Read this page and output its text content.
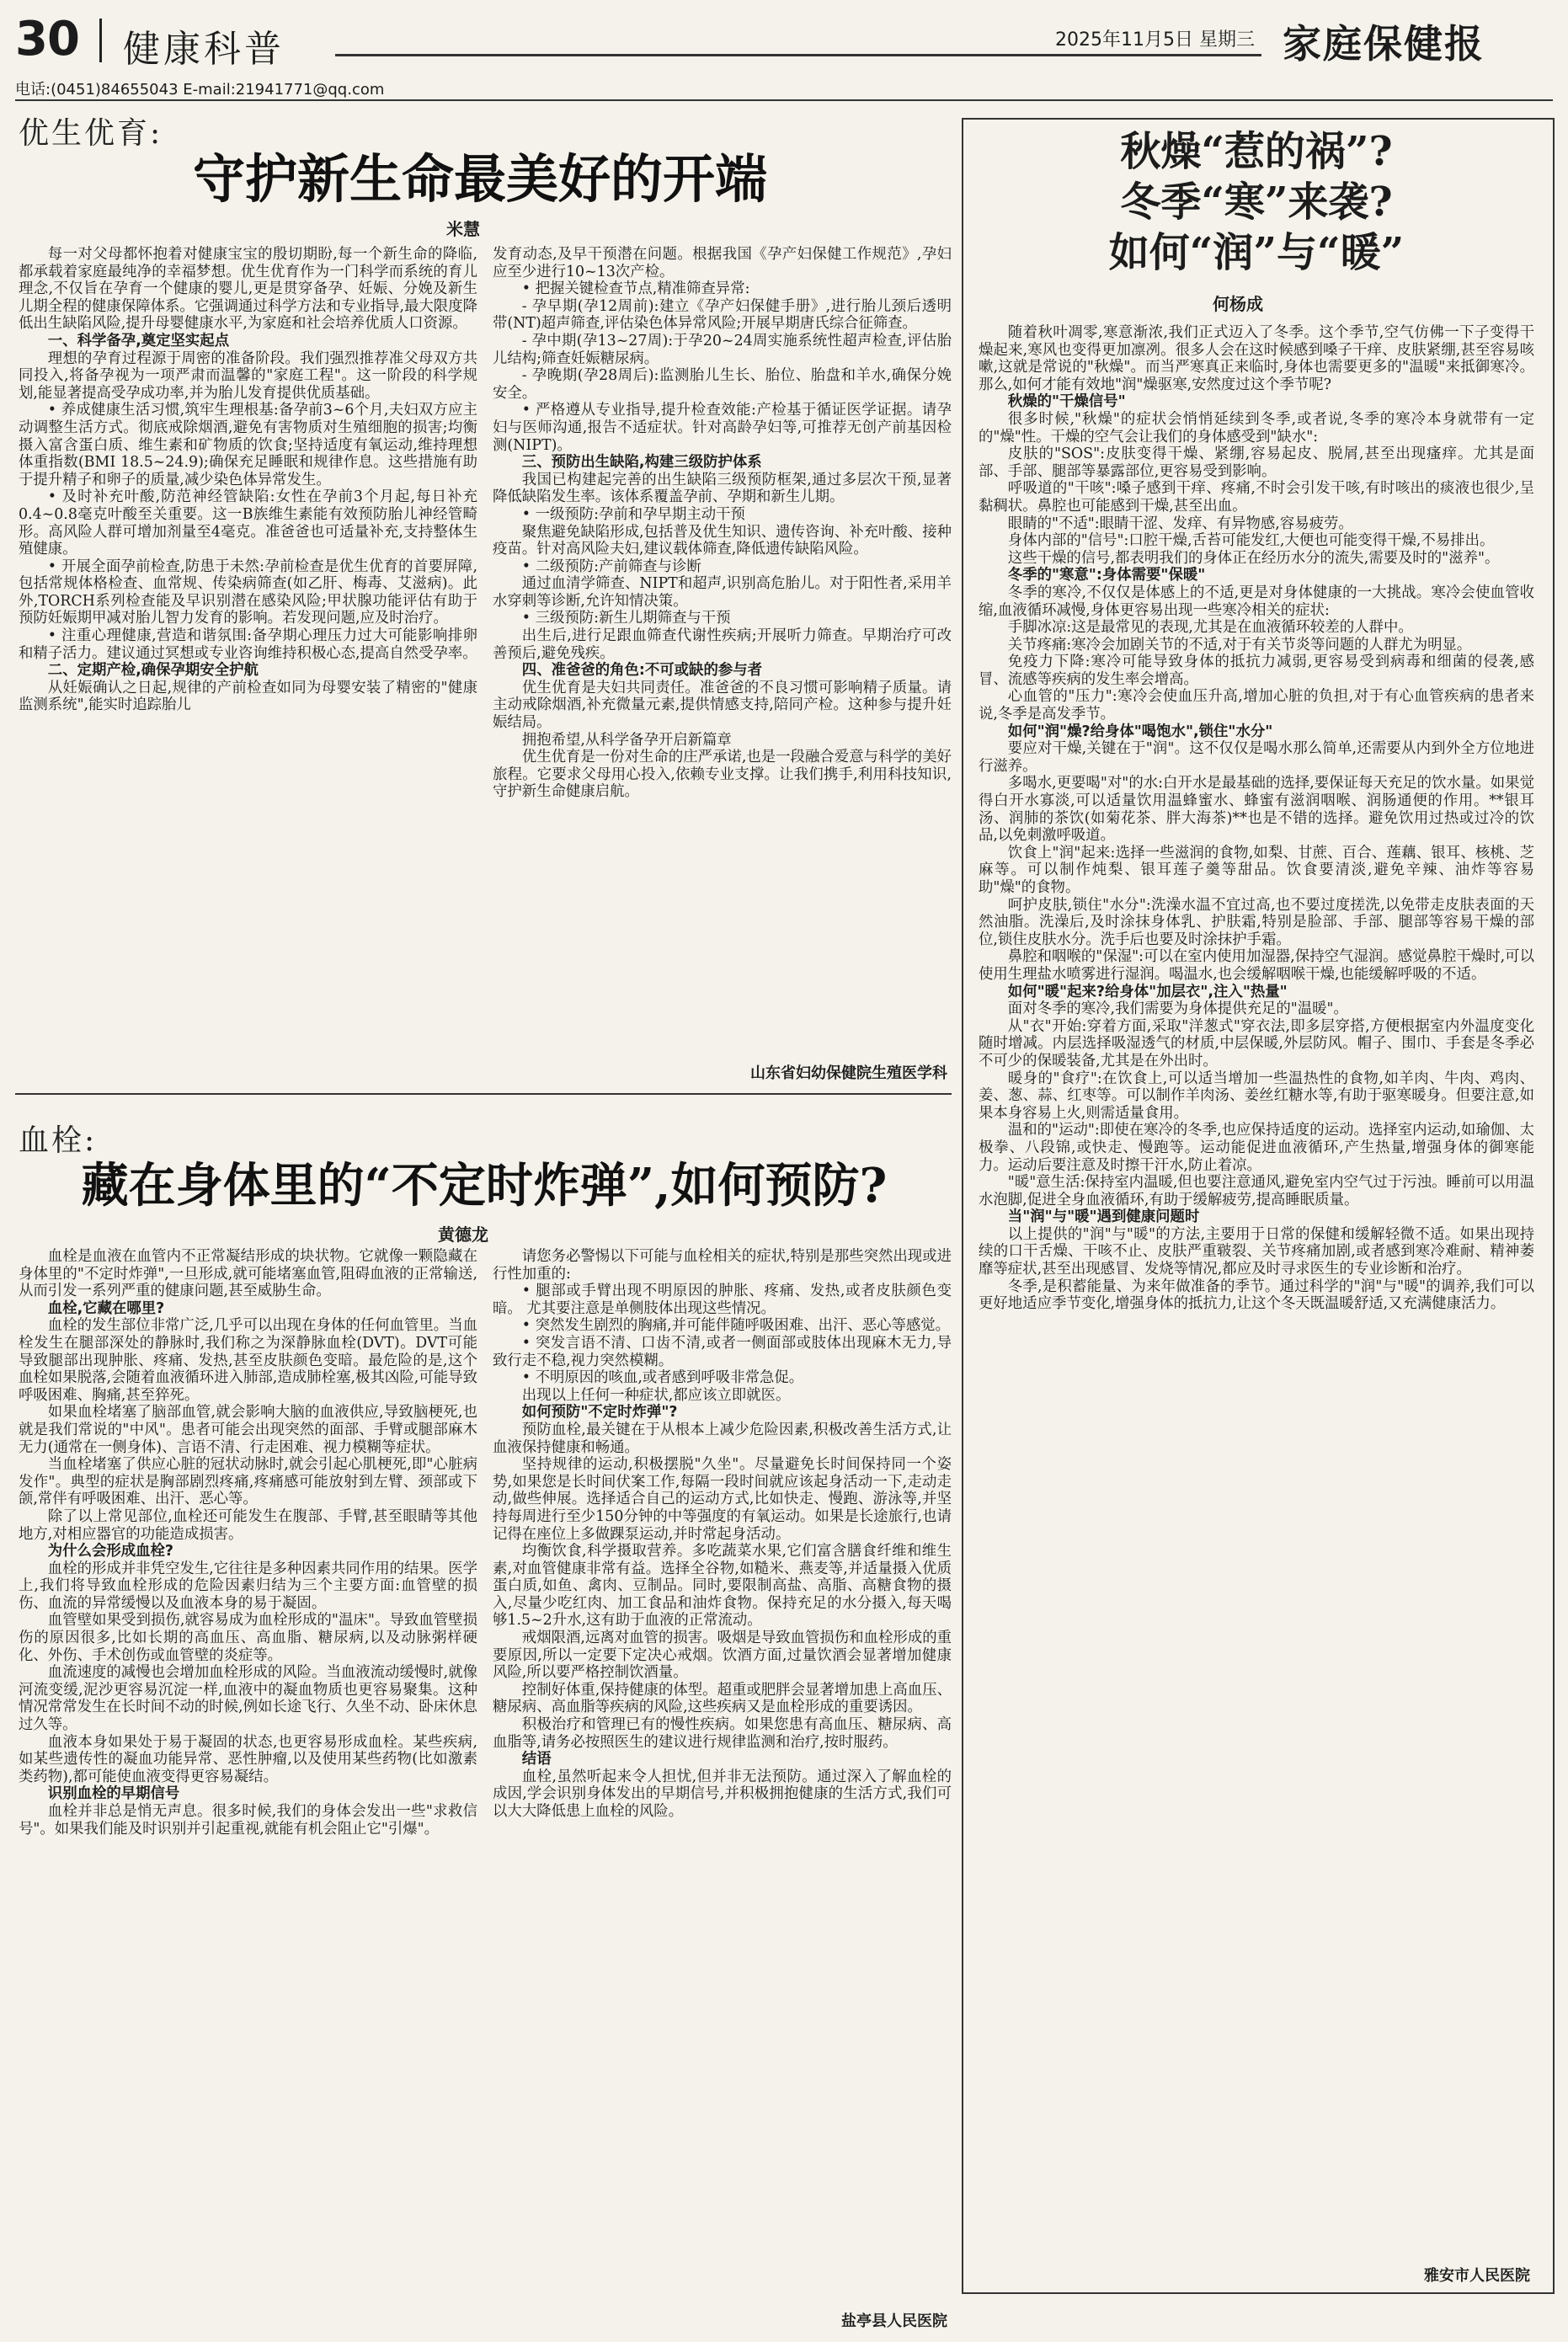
30 健康科普	2025年11月5日 星期三 家庭保健报
电话:(0451)84655043 E-mail:21941771@qq.com
优生优育:
守护新生命最美好的开端
米慧

每一对父母都怀抱着对健康宝宝的殷切期盼,每一个新生命的降临,都承载着家庭最纯净的幸福梦想。优生优育作为一门科学而系统的育儿理念,不仅旨在孕育一个健康的婴儿,更是贯穿备孕、妊娠、分娩及新生儿期全程的健康保障体系。它强调通过科学方法和专业指导,最大限度降低出生缺陷风险,提升母婴健康水平,为家庭和社会培养优质人口资源。

一、科学备孕,奠定坚实起点

理想的孕育过程源于周密的准备阶段。我们强烈推荐准父母双方共同投入,将备孕视为一项严肃而温馨的"家庭工程"。这一阶段的科学规划,能显著提高受孕成功率,并为胎儿发育提供优质基础。

• 养成健康生活习惯,筑牢生理根基:备孕前3~6个月,夫妇双方应主动调整生活方式。彻底戒除烟酒,避免有害物质对生殖细胞的损害;均衡摄入富含蛋白质、维生素和矿物质的饮食;坚持适度有氧运动,维持理想体重指数(BMI 18.5~24.9);确保充足睡眠和规律作息。这些措施有助于提升精子和卵子的质量,减少染色体异常发生。

• 及时补充叶酸,防范神经管缺陷:女性在孕前3个月起,每日补充0.4~0.8毫克叶酸至关重要。这一B族维生素能有效预防胎儿神经管畸形。高风险人群可增加剂量至4毫克。准爸爸也可适量补充,支持整体生殖健康。

• 开展全面孕前检查,防患于未然:孕前检查是优生优育的首要屏障,包括常规体格检查、血常规、传染病筛查(如乙肝、梅毒、艾滋病)。此外,TORCH系列检查能及早识别潜在感染风险;甲状腺功能评估有助于预防妊娠期甲减对胎儿智力发育的影响。若发现问题,应及时治疗。

• 注重心理健康,营造和谐氛围:备孕期心理压力过大可能影响排卵和精子活力。建议通过冥想或专业咨询维持积极心态,提高自然受孕率。

二、定期产检,确保孕期安全护航

从妊娠确认之日起,规律的产前检查如同为母婴安装了精密的"健康监测系统",能实时追踪胎儿

发育动态,及早干预潜在问题。根据我国《孕产妇保健工作规范》,孕妇应至少进行10~13次产检。

• 把握关键检查节点,精准筛查异常:

- 孕早期(孕12周前):建立《孕产妇保健手册》,进行胎儿颈后透明带(NT)超声筛查,评估染色体异常风险;开展早期唐氏综合征筛查。

- 孕中期(孕13~27周):于孕20~24周实施系统性超声检查,评估胎儿结构;筛查妊娠糖尿病。

- 孕晚期(孕28周后):监测胎儿生长、胎位、胎盘和羊水,确保分娩安全。

• 严格遵从专业指导,提升检查效能:产检基于循证医学证据。请孕妇与医师沟通,报告不适症状。针对高龄孕妇等,可推荐无创产前基因检测(NIPT)。

三、预防出生缺陷,构建三级防护体系

我国已构建起完善的出生缺陷三级预防框架,通过多层次干预,显著降低缺陷发生率。该体系覆盖孕前、孕期和新生儿期。

• 一级预防:孕前和孕早期主动干预

聚焦避免缺陷形成,包括普及优生知识、遗传咨询、补充叶酸、接种疫苗。针对高风险夫妇,建议载体筛查,降低遗传缺陷风险。

• 二级预防:产前筛查与诊断

通过血清学筛查、NIPT和超声,识别高危胎儿。对于阳性者,采用羊水穿刺等诊断,允许知情决策。

• 三级预防:新生儿期筛查与干预

出生后,进行足跟血筛查代谢性疾病;开展听力筛查。早期治疗可改善预后,避免残疾。

四、准爸爸的角色:不可或缺的参与者

优生优育是夫妇共同责任。准爸爸的不良习惯可影响精子质量。请主动戒除烟酒,补充微量元素,提供情感支持,陪同产检。这种参与提升妊娠结局。

拥抱希望,从科学备孕开启新篇章

优生优育是一份对生命的庄严承诺,也是一段融合爱意与科学的美好旅程。它要求父母用心投入,依赖专业支撑。让我们携手,利用科技知识,守护新生命健康启航。

山东省妇幼保健院生殖医学科
血栓:
藏在身体里的“不定时炸弹”,如何预防?
黄德龙

血栓是血液在血管内不正常凝结形成的块状物。它就像一颗隐藏在身体里的"不定时炸弹",一旦形成,就可能堵塞血管,阻碍血液的正常输送,从而引发一系列严重的健康问题,甚至威胁生命。

血栓,它藏在哪里?

血栓的发生部位非常广泛,几乎可以出现在身体的任何血管里。当血栓发生在腿部深处的静脉时,我们称之为深静脉血栓(DVT)。DVT可能导致腿部出现肿胀、疼痛、发热,甚至皮肤颜色变暗。最危险的是,这个血栓如果脱落,会随着血液循环进入肺部,造成肺栓塞,极其凶险,可能导致呼吸困难、胸痛,甚至猝死。

如果血栓堵塞了脑部血管,就会影响大脑的血液供应,导致脑梗死,也就是我们常说的"中风"。患者可能会出现突然的面部、手臂或腿部麻木无力(通常在一侧身体)、言语不清、行走困难、视力模糊等症状。

当血栓堵塞了供应心脏的冠状动脉时,就会引起心肌梗死,即"心脏病发作"。典型的症状是胸部剧烈疼痛,疼痛感可能放射到左臂、颈部或下颌,常伴有呼吸困难、出汗、恶心等。

除了以上常见部位,血栓还可能发生在腹部、手臂,甚至眼睛等其他地方,对相应器官的功能造成损害。

为什么会形成血栓?

血栓的形成并非凭空发生,它往往是多种因素共同作用的结果。医学上,我们将导致血栓形成的危险因素归结为三个主要方面:血管壁的损伤、血流的异常缓慢以及血液本身的易于凝固。

血管壁如果受到损伤,就容易成为血栓形成的"温床"。导致血管壁损伤的原因很多,比如长期的高血压、高血脂、糖尿病,以及动脉粥样硬化、外伤、手术创伤或血管壁的炎症等。

血流速度的减慢也会增加血栓形成的风险。当血液流动缓慢时,就像河流变缓,泥沙更容易沉淀一样,血液中的凝血物质也更容易聚集。这种情况常常发生在长时间不动的时候,例如长途飞行、久坐不动、卧床休息过久等。

血液本身如果处于易于凝固的状态,也更容易形成血栓。某些疾病,如某些遗传性的凝血功能异常、恶性肿瘤,以及使用某些药物(比如激素类药物),都可能使血液变得更容易凝结。

识别血栓的早期信号

血栓并非总是悄无声息。很多时候,我们的身体会发出一些"求救信号"。如果我们能及时识别并引起重视,就能有机会阻止它"引爆"。

请您务必警惕以下可能与血栓相关的症状,特别是那些突然出现或进行性加重的:

• 腿部或手臂出现不明原因的肿胀、疼痛、发热,或者皮肤颜色变暗。 尤其要注意是单侧肢体出现这些情况。

• 突然发生剧烈的胸痛,并可能伴随呼吸困难、出汗、恶心等感觉。

• 突发言语不清、口齿不清,或者一侧面部或肢体出现麻木无力,导致行走不稳,视力突然模糊。

• 不明原因的咳血,或者感到呼吸非常急促。

出现以上任何一种症状,都应该立即就医。

如何预防"不定时炸弹"?

预防血栓,最关键在于从根本上减少危险因素,积极改善生活方式,让血液保持健康和畅通。

坚持规律的运动,积极摆脱"久坐"。尽量避免长时间保持同一个姿势,如果您是长时间伏案工作,每隔一段时间就应该起身活动一下,走动走动,做些伸展。选择适合自己的运动方式,比如快走、慢跑、游泳等,并坚持每周进行至少150分钟的中等强度的有氧运动。如果是长途旅行,也请记得在座位上多做踝泵运动,并时常起身活动。

均衡饮食,科学摄取营养。多吃蔬菜水果,它们富含膳食纤维和维生素,对血管健康非常有益。选择全谷物,如糙米、燕麦等,并适量摄入优质蛋白质,如鱼、禽肉、豆制品。同时,要限制高盐、高脂、高糖食物的摄入,尽量少吃红肉、加工食品和油炸食物。保持充足的水分摄入,每天喝够1.5~2升水,这有助于血液的正常流动。

戒烟限酒,远离对血管的损害。吸烟是导致血管损伤和血栓形成的重要原因,所以一定要下定决心戒烟。饮酒方面,过量饮酒会显著增加健康风险,所以要严格控制饮酒量。

控制好体重,保持健康的体型。超重或肥胖会显著增加患上高血压、糖尿病、高血脂等疾病的风险,这些疾病又是血栓形成的重要诱因。

积极治疗和管理已有的慢性疾病。如果您患有高血压、糖尿病、高血脂等,请务必按照医生的建议进行规律监测和治疗,按时服药。

结语

血栓,虽然听起来令人担忧,但并非无法预防。通过深入了解血栓的成因,学会识别身体发出的早期信号,并积极拥抱健康的生活方式,我们可以大大降低患上血栓的风险。

盐亭县人民医院
秋燥“惹的祸”?
冬季“寒”来袭?
如何“润”与“暖”
何杨成

随着秋叶凋零,寒意渐浓,我们正式迈入了冬季。这个季节,空气仿佛一下子变得干燥起来,寒风也变得更加凛冽。很多人会在这时候感到嗓子干痒、皮肤紧绷,甚至容易咳嗽,这就是常说的"秋燥"。而当严寒真正来临时,身体也需要更多的"温暖"来抵御寒冷。那么,如何才能有效地"润"燥驱寒,安然度过这个季节呢?

秋燥的"干燥信号"

很多时候,"秋燥"的症状会悄悄延续到冬季,或者说,冬季的寒冷本身就带有一定的"燥"性。干燥的空气会让我们的身体感受到"缺水":

皮肤的"SOS":皮肤变得干燥、紧绷,容易起皮、脱屑,甚至出现瘙痒。尤其是面部、手部、腿部等暴露部位,更容易受到影响。

呼吸道的"干咳":嗓子感到干痒、疼痛,不时会引发干咳,有时咳出的痰液也很少,呈黏稠状。鼻腔也可能感到干燥,甚至出血。

眼睛的"不适":眼睛干涩、发痒、有异物感,容易疲劳。

身体内部的"信号":口腔干燥,舌苔可能发红,大便也可能变得干燥,不易排出。

这些干燥的信号,都表明我们的身体正在经历水分的流失,需要及时的"滋养"。

冬季的"寒意":身体需要"保暖"

冬季的寒冷,不仅仅是体感上的不适,更是对身体健康的一大挑战。寒冷会使血管收缩,血液循环减慢,身体更容易出现一些寒冷相关的症状:

手脚冰凉:这是最常见的表现,尤其是在血液循环较差的人群中。

关节疼痛:寒冷会加剧关节的不适,对于有关节炎等问题的人群尤为明显。

免疫力下降:寒冷可能导致身体的抵抗力减弱,更容易受到病毒和细菌的侵袭,感冒、流感等疾病的发生率会增高。

心血管的"压力":寒冷会使血压升高,增加心脏的负担,对于有心血管疾病的患者来说,冬季是高发季节。

如何"润"燥?给身体"喝饱水",锁住"水分"

要应对干燥,关键在于"润"。这不仅仅是喝水那么简单,还需要从内到外全方位地进行滋养。

多喝水,更要喝"对"的水:白开水是最基础的选择,要保证每天充足的饮水量。如果觉得白开水寡淡,可以适量饮用温蜂蜜水、蜂蜜有滋润咽喉、润肠通便的作用。**银耳汤、润肺的茶饮(如菊花茶、胖大海茶)**也是不错的选择。避免饮用过热或过冷的饮品,以免刺激呼吸道。

饮食上"润"起来:选择一些滋润的食物,如梨、甘蔗、百合、莲藕、银耳、核桃、芝麻等。可以制作炖梨、银耳莲子羹等甜品。饮食要清淡,避免辛辣、油炸等容易助"燥"的食物。

呵护皮肤,锁住"水分":洗澡水温不宜过高,也不要过度搓洗,以免带走皮肤表面的天然油脂。洗澡后,及时涂抹身体乳、护肤霜,特别是脸部、手部、腿部等容易干燥的部位,锁住皮肤水分。洗手后也要及时涂抹护手霜。

鼻腔和咽喉的"保湿":可以在室内使用加湿器,保持空气湿润。感觉鼻腔干燥时,可以使用生理盐水喷雾进行湿润。喝温水,也会缓解咽喉干燥,也能缓解呼吸的不适。

如何"暖"起来?给身体"加层衣",注入"热量"

面对冬季的寒冷,我们需要为身体提供充足的"温暖"。

从"衣"开始:穿着方面,采取"洋葱式"穿衣法,即多层穿搭,方便根据室内外温度变化随时增减。内层选择吸湿透气的材质,中层保暖,外层防风。帽子、围巾、手套是冬季必不可少的保暖装备,尤其是在外出时。

暖身的"食疗":在饮食上,可以适当增加一些温热性的食物,如羊肉、牛肉、鸡肉、姜、葱、蒜、红枣等。可以制作羊肉汤、姜丝红糖水等,有助于驱寒暖身。但要注意,如果本身容易上火,则需适量食用。

温和的"运动":即使在寒冷的冬季,也应保持适度的运动。选择室内运动,如瑜伽、太极拳、八段锦,或快走、慢跑等。运动能促进血液循环,产生热量,增强身体的御寒能力。运动后要注意及时擦干汗水,防止着凉。

"暖"意生活:保持室内温暖,但也要注意通风,避免室内空气过于污浊。睡前可以用温水泡脚,促进全身血液循环,有助于缓解疲劳,提高睡眠质量。

当"润"与"暖"遇到健康问题时

以上提供的"润"与"暖"的方法,主要用于日常的保健和缓解轻微不适。如果出现持续的口干舌燥、干咳不止、皮肤严重皲裂、关节疼痛加剧,或者感到寒冷难耐、精神萎靡等症状,甚至出现感冒、发烧等情况,都应及时寻求医生的专业诊断和治疗。

冬季,是积蓄能量、为来年做准备的季节。通过科学的"润"与"暖"的调养,我们可以更好地适应季节变化,增强身体的抵抗力,让这个冬天既温暖舒适,又充满健康活力。

雅安市人民医院
